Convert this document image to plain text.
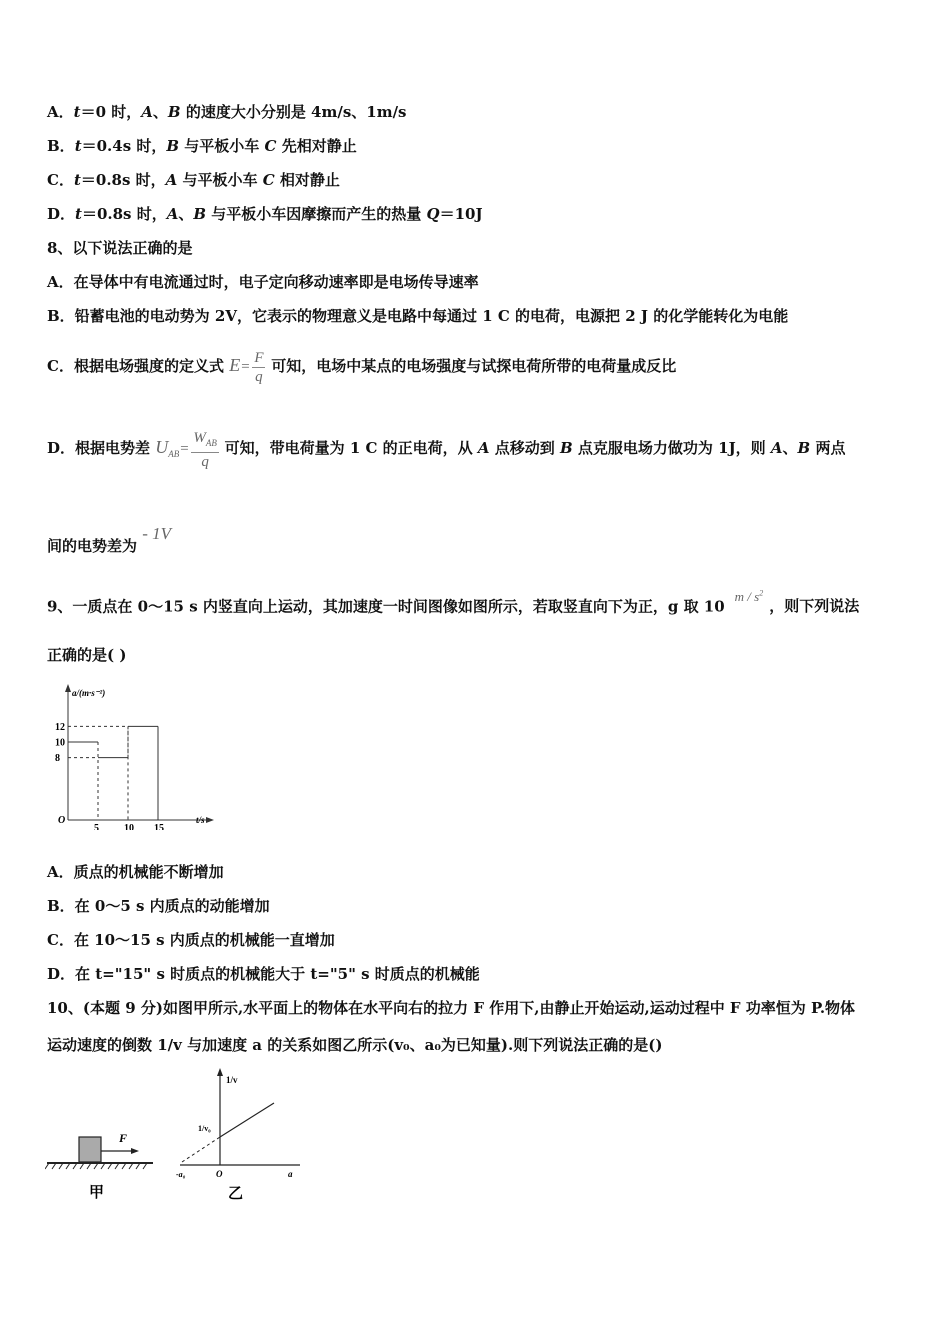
A．t＝0 时，A、B 的速度大小分别是 4m/s、1m/s
B．t＝0.4s 时，B 与平板小车 C 先相对静止
C．t＝0.8s 时，A 与平板小车 C 相对静止
D．t＝0.8s 时，A、B 与平板小车因摩擦而产生的热量 Q＝10J
8、以下说法正确的是
A．在导体中有电流通过时，电子定向移动速率即是电场传导速率
B．铅蓄电池的电动势为 2V，它表示的物理意义是电路中每通过 1 C 的电荷，电源把 2 J 的化学能转化为电能
C．根据电场强度的定义式 $E= \frac{F}{q}$ 可知，电场中某点的电场强度与试探电荷所带的电荷量成反比
D．根据电势差 $U_{AB}= \frac{W_{AB}}{q}$ 可知，带电荷量为 1 C 的正电荷，从 A 点移动到 B 点克服电场力做功为 1J，则 A、B 两点
间的电势差为 - 1V
9、一质点在 0～15 s 内竖直向上运动，其加速度一时间图像如图所示，若取竖直向下为正，g 取 $10m / s^2$，则下列说法
正确的是( )
a/(m·s⁻²)
t/s
O
5	10 15
8
10
12
A．质点的机械能不断增加
B．在 0～5 s 内质点的动能增加
C．在 10～15 s 内质点的机械能一直增加
D．在 t="15" s 时质点的机械能大于 t="5" s 时质点的机械能
10、(本题 9 分)如图甲所示,水平面上的物体在水平向右的拉力 F 作用下,由静止开始运动,运动过程中 F 功率恒为 P.物体
运动速度的倒数 1/v 与加速度 a 的关系如图乙所示(v₀、a₀为已知量).则下列说法正确的是()
F
甲
1/v
1/v₀
-a₀	O	a
乙
